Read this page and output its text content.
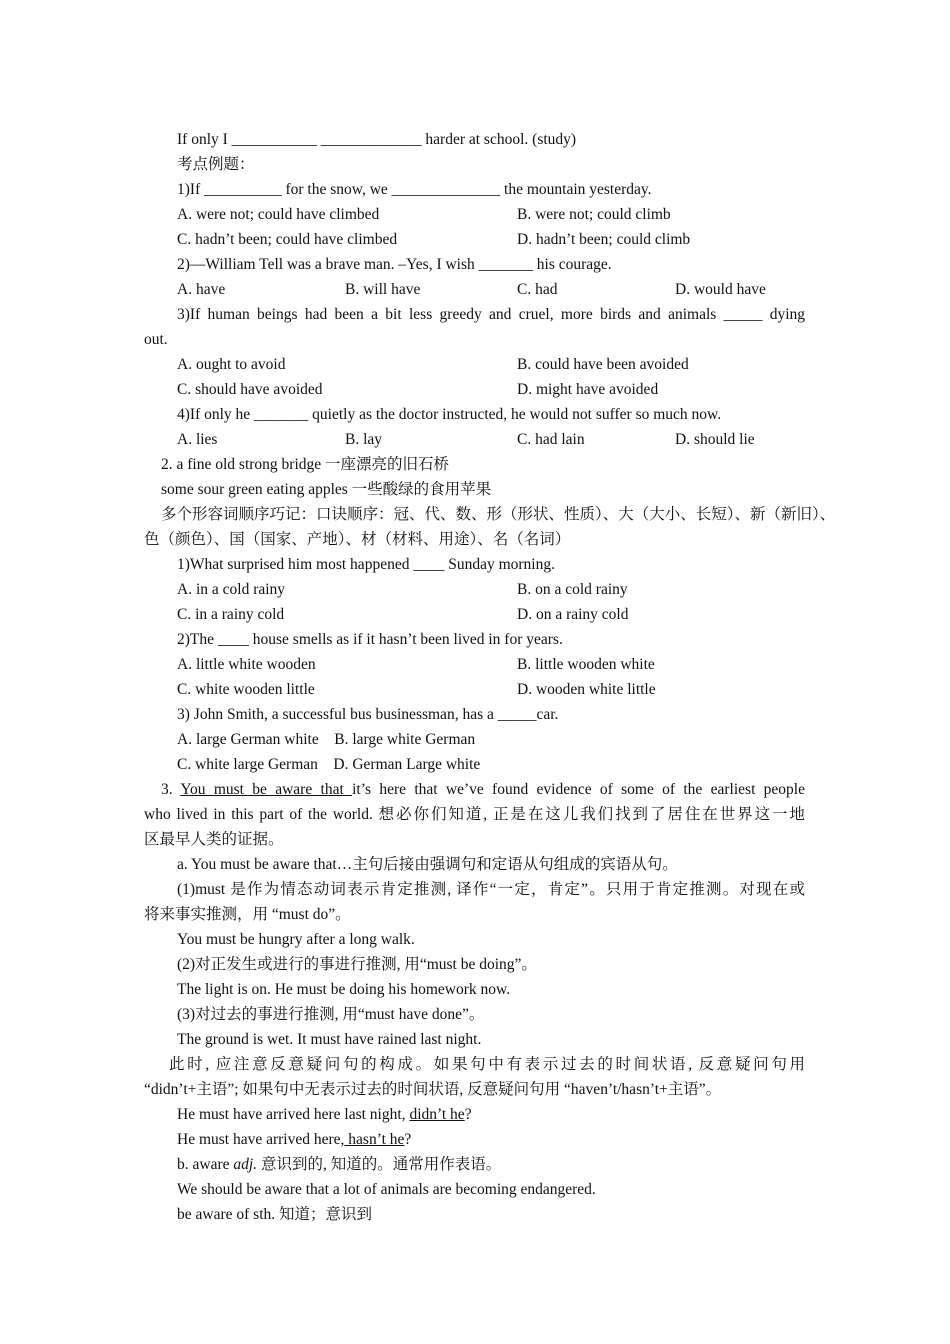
If only I ___________ _____________ harder at school. (study)
考点例题：
1)If __________ for the snow, we ______________ the mountain yesterday.
A. were not; could have climbed	B. were not; could climb
C. hadn’t been; could have climbed	D. hadn’t been; could climb
2)—William Tell was a brave man. –Yes, I wish _______ his courage.
A. have	B. will have	C. had	D. would have
3)If human beings had been a bit less greedy and cruel, more birds and animals _____ dying
out.
A. ought to avoid	B. could have been avoided
C. should have avoided	D. might have avoided
4)If only he _______ quietly as the doctor instructed, he would not suffer so much now.
A. lies	B. lay	C. had lain	D. should lie
2. a fine old strong bridge 一座漂亮的旧石桥
some sour green eating apples 一些酸绿的食用苹果
多个形容词顺序巧记：口诀顺序：冠、代、数、形（形状、性质）、大（大小、长短）、新（新旧）、
色（颜色）、国（国家、产地）、材（材料、用途）、名（名词）
1)What surprised him most happened ____ Sunday morning.
A. in a cold rainy	B. on a cold rainy
C. in a rainy cold	D. on a rainy cold
2)The ____ house smells as if it hasn’t been lived in for years.
A. little white wooden	B. little wooden white
C. white wooden little	D. wooden white little
3) John Smith, a successful bus businessman, has a _____car.
A. large German white    B. large white German
C. white large German    D. German Large white
3. You must be aware that it’s here that we’ve found evidence of some of the earliest people
who lived in this part of the world. 想必你们知道, 正是在这儿我们找到了居住在世界这一地
区最早人类的证据。
a. You must be aware that…主句后接由强调句和定语从句组成的宾语从句。
(1)must 是作为情态动词表示肯定推测, 译作“一定，肯定”。只用于肯定推测。对现在或
将来事实推测，用 “must do”。
You must be hungry after a long walk.
(2)对正发生或进行的事进行推测, 用“must be doing”。
The light is on. He must be doing his homework now.
(3)对过去的事进行推测, 用“must have done”。
The ground is wet. It must have rained last night.
此时, 应注意反意疑问句的构成。如果句中有表示过去的时间状语, 反意疑问句用
“didn’t+主语”; 如果句中无表示过去的时间状语, 反意疑问句用 “haven’t/hasn’t+主语”。
He must have arrived here last night, didn’t he?
He must have arrived here, hasn’t he?
b. aware adj. 意识到的, 知道的。通常用作表语。
We should be aware that a lot of animals are becoming endangered.
be aware of sth. 知道；意识到
